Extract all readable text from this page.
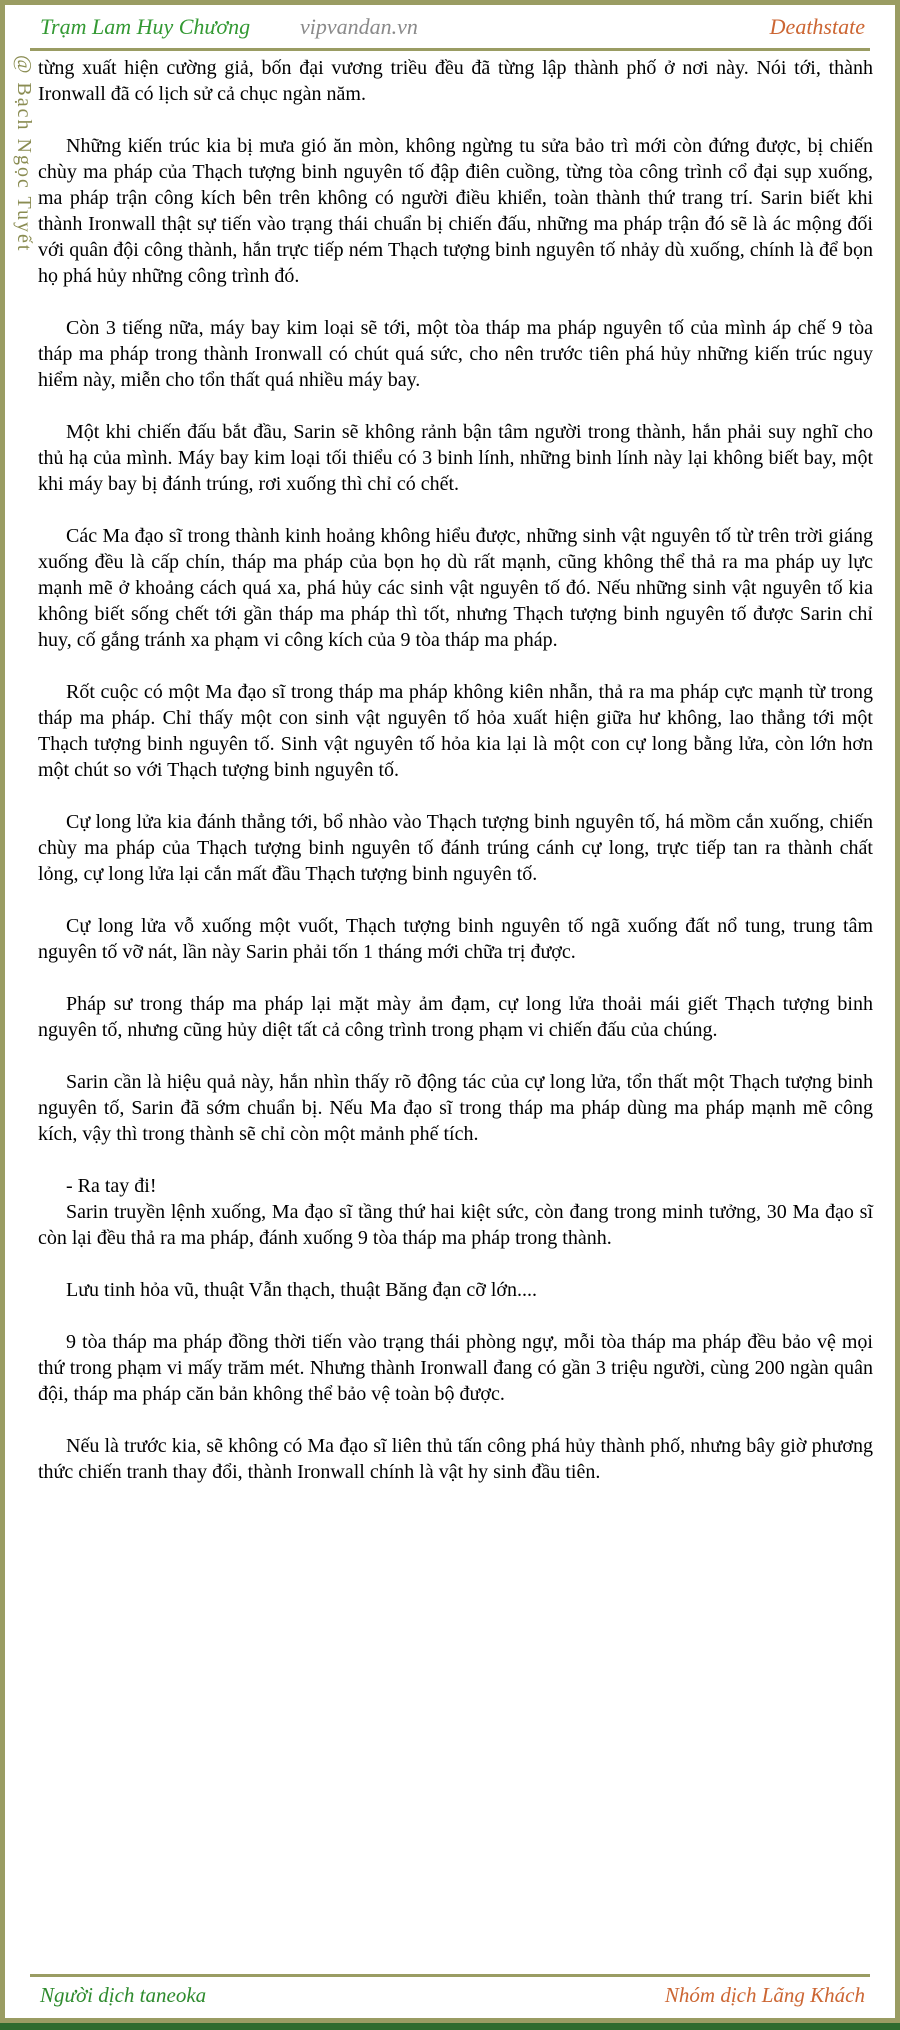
Trạm Lam Huy Chương vipvandan.vn	Deathstate
@ Bạch Ngọc Tuyết từng xuất hiện cường giả, bốn đại vương triều đều đã từng lập thành phố ở nơi này. Nói tới, thành Ironwall đã có lịch sử cả chục ngàn năm.

Những kiến trúc kia bị mưa gió ăn mòn, không ngừng tu sửa bảo trì mới còn đứng được, bị chiến chùy ma pháp của Thạch tượng binh nguyên tố đập điên cuồng, từng tòa công trình cổ đại sụp xuống, ma pháp trận công kích bên trên không có người điều khiển, toàn thành thứ trang trí. Sarin biết khi thành Ironwall thật sự tiến vào trạng thái chuẩn bị chiến đấu, những ma pháp trận đó sẽ là ác mộng đối với quân đội công thành, hắn trực tiếp ném Thạch tượng binh nguyên tố nhảy dù xuống, chính là để bọn họ phá hủy những công trình đó.

Còn 3 tiếng nữa, máy bay kim loại sẽ tới, một tòa tháp ma pháp nguyên tố của mình áp chế 9 tòa tháp ma pháp trong thành Ironwall có chút quá sức, cho nên trước tiên phá hủy những kiến trúc nguy hiểm này, miễn cho tổn thất quá nhiều máy bay.

Một khi chiến đấu bắt đầu, Sarin sẽ không rảnh bận tâm người trong thành, hắn phải suy nghĩ cho thủ hạ của mình. Máy bay kim loại tối thiểu có 3 binh lính, những binh lính này lại không biết bay, một khi máy bay bị đánh trúng, rơi xuống thì chỉ có chết.

Các Ma đạo sĩ trong thành kinh hoảng không hiểu được, những sinh vật nguyên tố từ trên trời giáng xuống đều là cấp chín, tháp ma pháp của bọn họ dù rất mạnh, cũng không thể thả ra ma pháp uy lực mạnh mẽ ở khoảng cách quá xa, phá hủy các sinh vật nguyên tố đó. Nếu những sinh vật nguyên tố kia không biết sống chết tới gần tháp ma pháp thì tốt, nhưng Thạch tượng binh nguyên tố được Sarin chỉ huy, cố gắng tránh xa phạm vi công kích của 9 tòa tháp ma pháp.

Rốt cuộc có một Ma đạo sĩ trong tháp ma pháp không kiên nhẫn, thả ra ma pháp cực mạnh từ trong tháp ma pháp. Chỉ thấy một con sinh vật nguyên tố hỏa xuất hiện giữa hư không, lao thẳng tới một Thạch tượng binh nguyên tố. Sinh vật nguyên tố hỏa kia lại là một con cự long bằng lửa, còn lớn hơn một chút so với Thạch tượng binh nguyên tố.

Cự long lửa kia đánh thẳng tới, bổ nhào vào Thạch tượng binh nguyên tố, há mồm cắn xuống, chiến chùy ma pháp của Thạch tượng binh nguyên tố đánh trúng cánh cự long, trực tiếp tan ra thành chất lỏng, cự long lửa lại cắn mất đầu Thạch tượng binh nguyên tố.

Cự long lửa vỗ xuống một vuốt, Thạch tượng binh nguyên tố ngã xuống đất nổ tung, trung tâm nguyên tố vỡ nát, lần này Sarin phải tốn 1 tháng mới chữa trị được.

Pháp sư trong tháp ma pháp lại mặt mày ảm đạm, cự long lửa thoải mái giết Thạch tượng binh nguyên tố, nhưng cũng hủy diệt tất cả công trình trong phạm vi chiến đấu của chúng.

Sarin cần là hiệu quả này, hắn nhìn thấy rõ động tác của cự long lửa, tổn thất một Thạch tượng binh nguyên tố, Sarin đã sớm chuẩn bị. Nếu Ma đạo sĩ trong tháp ma pháp dùng ma pháp mạnh mẽ công kích, vậy thì trong thành sẽ chỉ còn một mảnh phế tích.

- Ra tay đi!

Sarin truyền lệnh xuống, Ma đạo sĩ tầng thứ hai kiệt sức, còn đang trong minh tưởng, 30 Ma đạo sĩ còn lại đều thả ra ma pháp, đánh xuống 9 tòa tháp ma pháp trong thành.

Lưu tinh hỏa vũ, thuật Vẫn thạch, thuật Băng đạn cỡ lớn....

9 tòa tháp ma pháp đồng thời tiến vào trạng thái phòng ngự, mỗi tòa tháp ma pháp đều bảo vệ mọi thứ trong phạm vi mấy trăm mét. Nhưng thành Ironwall đang có gần 3 triệu người, cùng 200 ngàn quân đội, tháp ma pháp căn bản không thể bảo vệ toàn bộ được.

Nếu là trước kia, sẽ không có Ma đạo sĩ liên thủ tấn công phá hủy thành phố, nhưng bây giờ phương thức chiến tranh thay đổi, thành Ironwall chính là vật hy sinh đầu tiên.

Người dịch taneoka	Nhóm dịch Lãng Khách
